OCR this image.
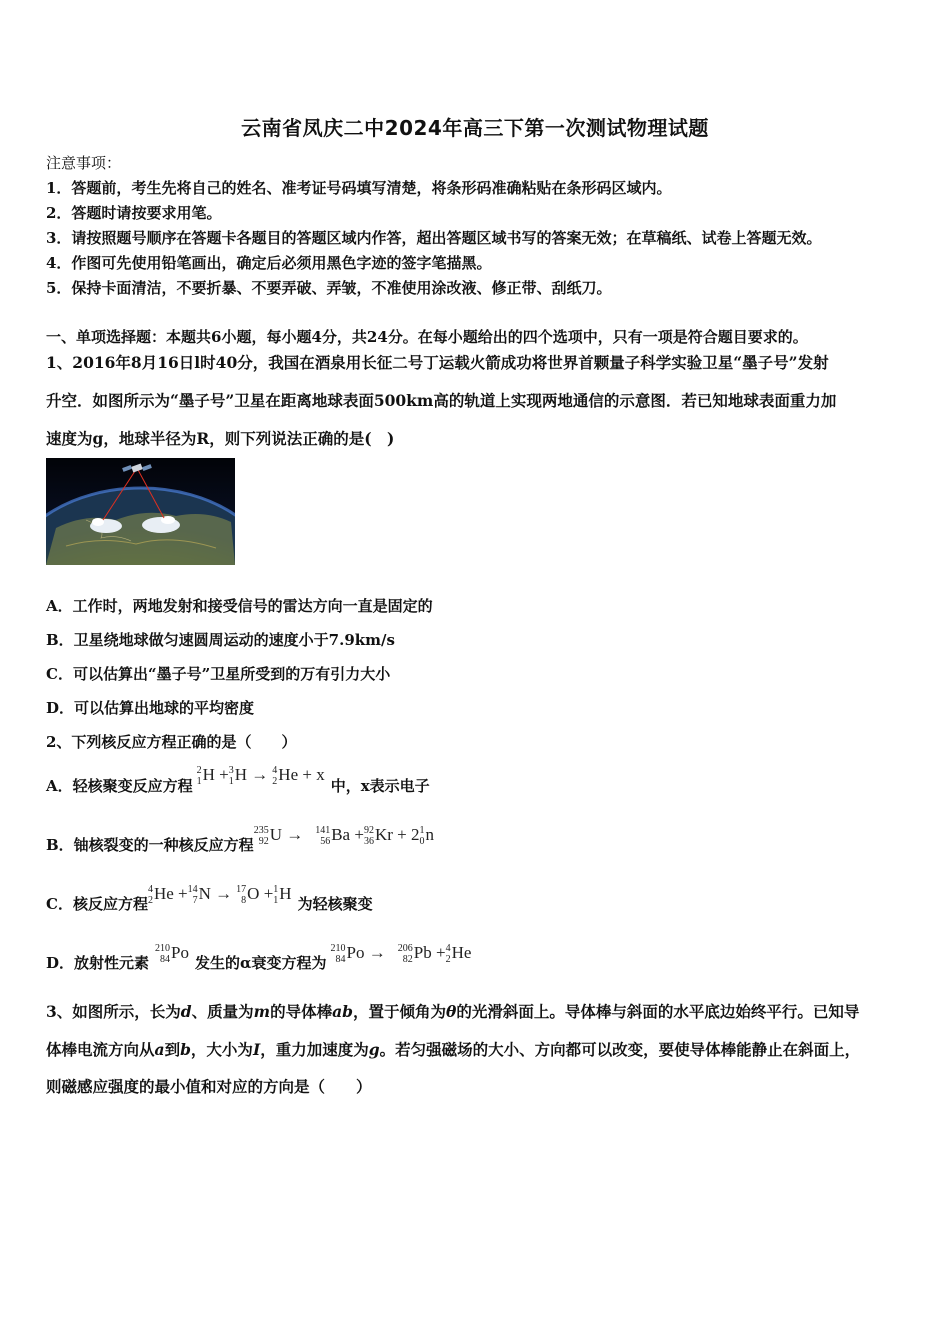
云南省凤庆二中2024年高三下第一次测试物理试题
注意事项：
1．答题前，考生先将自己的姓名、准考证号码填写清楚，将条形码准确粘贴在条形码区域内。
2．答题时请按要求用笔。
3．请按照题号顺序在答题卡各题目的答题区域内作答，超出答题区域书写的答案无效；在草稿纸、试卷上答题无效。
4．作图可先使用铅笔画出，确定后必须用黑色字迹的签字笔描黑。
5．保持卡面清洁，不要折暴、不要弄破、弄皱，不准使用涂改液、修正带、刮纸刀。
一、单项选择题：本题共6小题，每小题4分，共24分。在每小题给出的四个选项中，只有一项是符合题目要求的。
1、2016年8月16日l时40分，我国在酒泉用长征二号丁运载火箭成功将世界首颗量子科学实验卫星“墨子号”发射
升空．如图所示为“墨子号”卫星在距离地球表面500km高的轨道上实现两地通信的示意图．若已知地球表面重力加
速度为g，地球半径为R，则下列说法正确的是(　)
A．工作时，两地发射和接受信号的雷达方向一直是固定的
B．卫星绕地球做匀速圆周运动的速度小于7.9km/s
C．可以估算出“墨子号”卫星所受到的万有引力大小
D．可以估算出地球的平均密度
2、下列核反应方程正确的是（　　）
A．轻核聚变反应方程
2
1 H + 3
1 H → 4
2 He + x
中，x表示电子
B．铀核裂变的一种核反应方程
235
92 U → 141
56 Ba + 92
36 Kr + 2 1
0 n
C．核反应方程
4
2 He + 14
7 N → 17
8 O + 1
1 H
为轻核聚变
D．放射性元素
210
84 Po
发生的α衰变方程为
210
84 Po → 206
82 Pb + 4
2 He
3、如图所示，长为d、质量为m的导体棒ab，置于倾角为θ的光滑斜面上。导体棒与斜面的水平底边始终平行。已知导
体棒电流方向从a到b，大小为I，重力加速度为g。若匀强磁场的大小、方向都可以改变，要使导体棒能静止在斜面上，
则磁感应强度的最小值和对应的方向是（　　）
